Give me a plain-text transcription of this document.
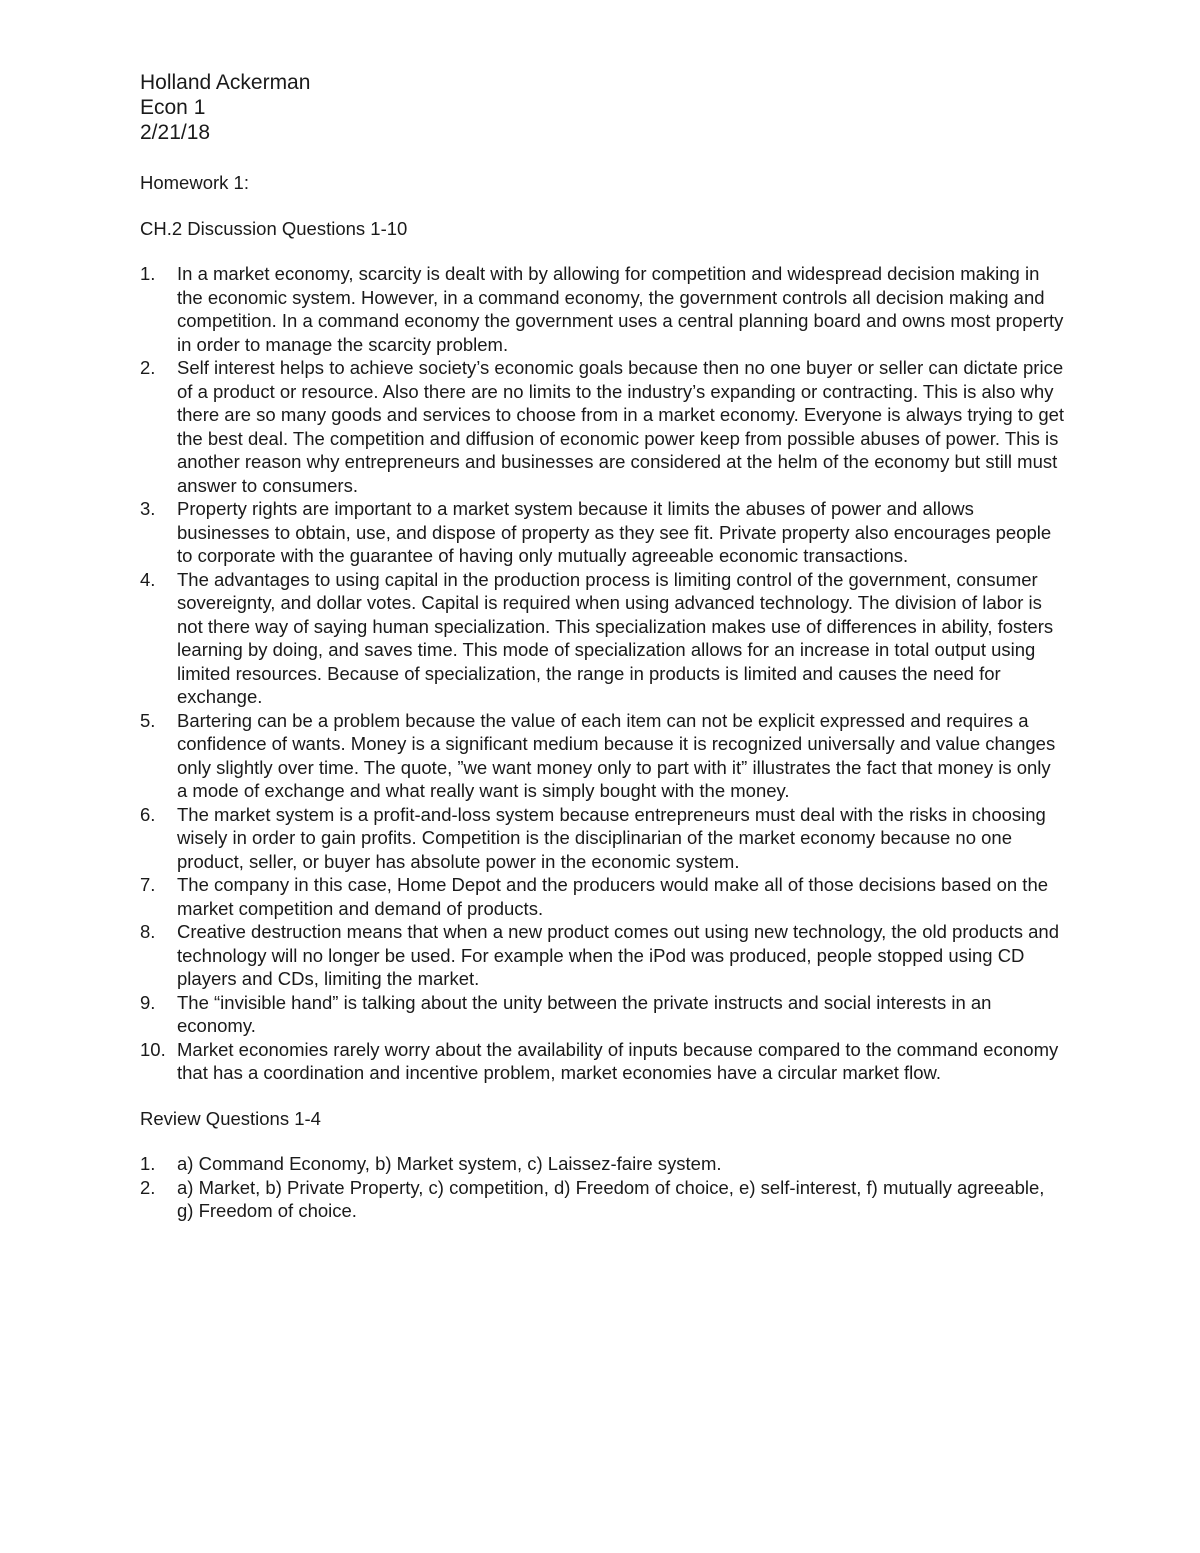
Holland Ackerman

Econ 1

2/21/18

Homework 1:

CH.2 Discussion Questions 1-10

1.	In a market economy, scarcity is dealt with by allowing for competition and widespread decision making in the economic system. However, in a command economy, the government controls all decision making and competition. In a command economy the government uses a central planning board and owns most property in order to manage the scarcity problem.
2.	Self interest helps to achieve society’s economic goals because then no one buyer or seller can dictate price of a product or resource. Also there are no limits to the industry’s expanding or contracting. This is also why there are so many goods and services to choose from in a market economy. Everyone is always trying to get the best deal. The competition and diffusion of economic power keep from possible abuses of power. This is another reason why entrepreneurs and businesses are considered at the helm of the economy but still must answer to consumers.
3.	Property rights are important to a market system because it limits the abuses of power and allows businesses to obtain, use, and dispose of property as they see fit. Private property also encourages people to corporate with the guarantee of having only mutually agreeable economic transactions.
4.	The advantages to using capital in the production process is limiting control of the government, consumer sovereignty, and dollar votes. Capital is required when using advanced technology. The division of labor is not there way of saying human specialization. This specialization makes use of differences in ability, fosters learning by doing, and saves time. This mode of specialization allows for an increase in total output using limited resources. Because of specialization, the range in products is limited and causes the need for exchange.
5.	Bartering can be a problem because the value of each item can not be explicit expressed and requires a confidence of wants. Money is a significant medium because it is recognized universally and value changes only slightly over time. The quote, ”we want money only to part with it” illustrates the fact that money is only a mode of exchange and what really want is simply bought with the money.
6.	The market system is a profit-and-loss system because entrepreneurs must deal with the risks in choosing wisely in order to gain profits. Competition is the disciplinarian of the market economy because no one product, seller, or buyer has absolute power in the economic system.
7.	The company in this case, Home Depot and the producers would make all of those decisions based on the market competition and demand of products.
8.	Creative destruction means that when a new product comes out using new technology, the old products and technology will no longer be used. For example when the iPod was produced, people stopped using CD players and CDs, limiting the market.
9.	The “invisible hand” is talking about the unity between the private instructs and social interests in an economy.
10. Market economies rarely worry about the availability of inputs because compared to the command economy that has a coordination and incentive problem, market economies have a circular market flow.

Review Questions 1-4

1.	a) Command Economy, b) Market system, c) Laissez-faire system.
2.	a) Market, b) Private Property, c) competition, d) Freedom of choice, e) self-interest, f) mutually agreeable, g) Freedom of choice.
